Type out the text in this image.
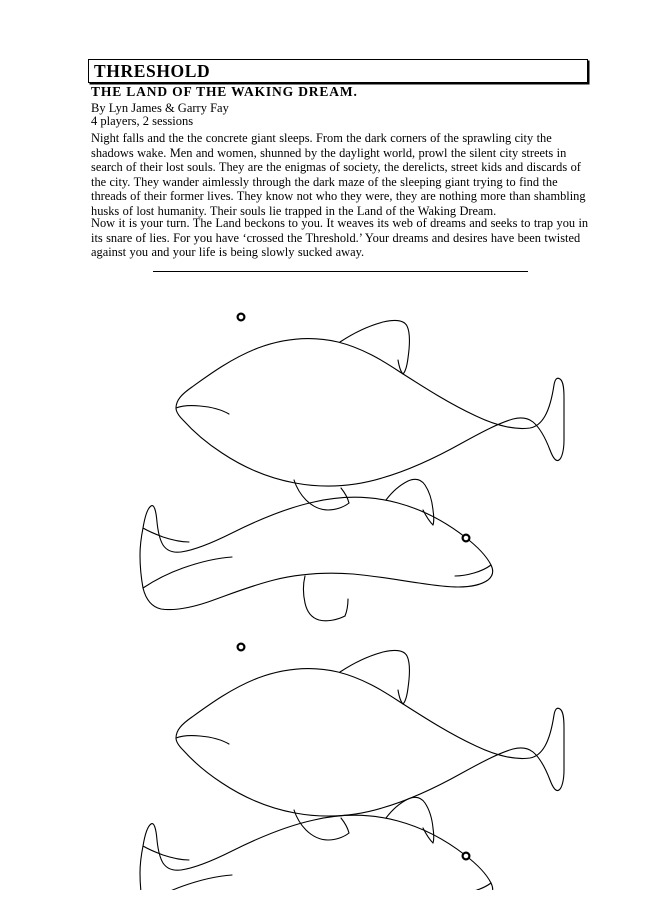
THRESHOLD
THE LAND OF THE WAKING DREAM.
By Lyn James & Garry Fay
4 players, 2 sessions
Night falls and the the concrete giant sleeps. From the dark corners of the sprawling city the shadows wake. Men and women, shunned by the daylight world, prowl the silent city streets in search of their lost souls. They are the enigmas of society, the derelicts, street kids and discards of the city. They wander aimlessly through the dark maze of the sleeping giant trying to find the threads of their former lives. They know not who they were, they are nothing more than shambling husks of lost humanity. Their souls lie trapped in the Land of the Waking Dream.
Now it is your turn. The Land beckons to you. It weaves its web of dreams and seeks to trap you in its snare of lies. For you have ‘crossed the Threshold.’ Your dreams and desires have been twisted against you and your life is being slowly sucked away.
